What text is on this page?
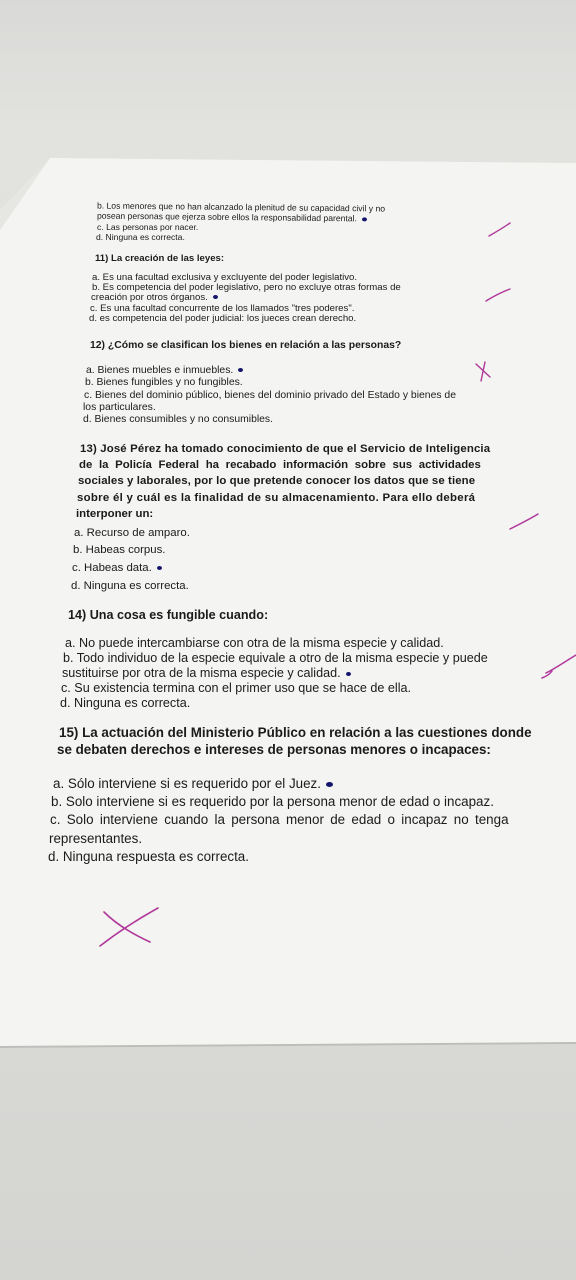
b. Los menores que no han alcanzado la plenitud de su capacidad civil y no
posean personas que ejerza sobre ellos la responsabilidad parental.
c. Las personas por nacer.
d. Ninguna es correcta.
11) La creación de las leyes:
a. Es una facultad exclusiva y excluyente del poder legislativo.
b. Es competencia del poder legislativo, pero no excluye otras formas de
creación por otros órganos.
c. Es una facultad concurrente de los llamados "tres poderes".
d. es competencia del poder judicial: los jueces crean derecho.
12) ¿Cómo se clasifican los bienes en relación a las personas?
a. Bienes muebles e inmuebles.
b. Bienes fungibles y no fungibles.
c. Bienes del dominio público, bienes del dominio privado del Estado y bienes de
los particulares.
d. Bienes consumibles y no consumibles.
13) José Pérez ha tomado conocimiento de que el Servicio de Inteligencia
de la Policía Federal ha recabado información sobre sus actividades
sociales y laborales, por lo que pretende conocer los datos que se tiene
sobre él y cuál es la finalidad de su almacenamiento. Para ello deberá
interponer un:
a. Recurso de amparo.
b. Habeas corpus.
c. Habeas data.
d. Ninguna es correcta.
14) Una cosa es fungible cuando:
a. No puede intercambiarse con otra de la misma especie y calidad.
b. Todo individuo de la especie equivale a otro de la misma especie y puede
sustituirse por otra de la misma especie y calidad.
c. Su existencia termina con el primer uso que se hace de ella.
d. Ninguna es correcta.
15) La actuación del Ministerio Público en relación a las cuestiones donde
se debaten derechos e intereses de personas menores o incapaces:
a. Sólo interviene si es requerido por el Juez.
b. Solo interviene si es requerido por la persona menor de edad o incapaz.
c. Solo interviene cuando la persona menor de edad o incapaz no tenga
representantes.
d. Ninguna respuesta es correcta.
